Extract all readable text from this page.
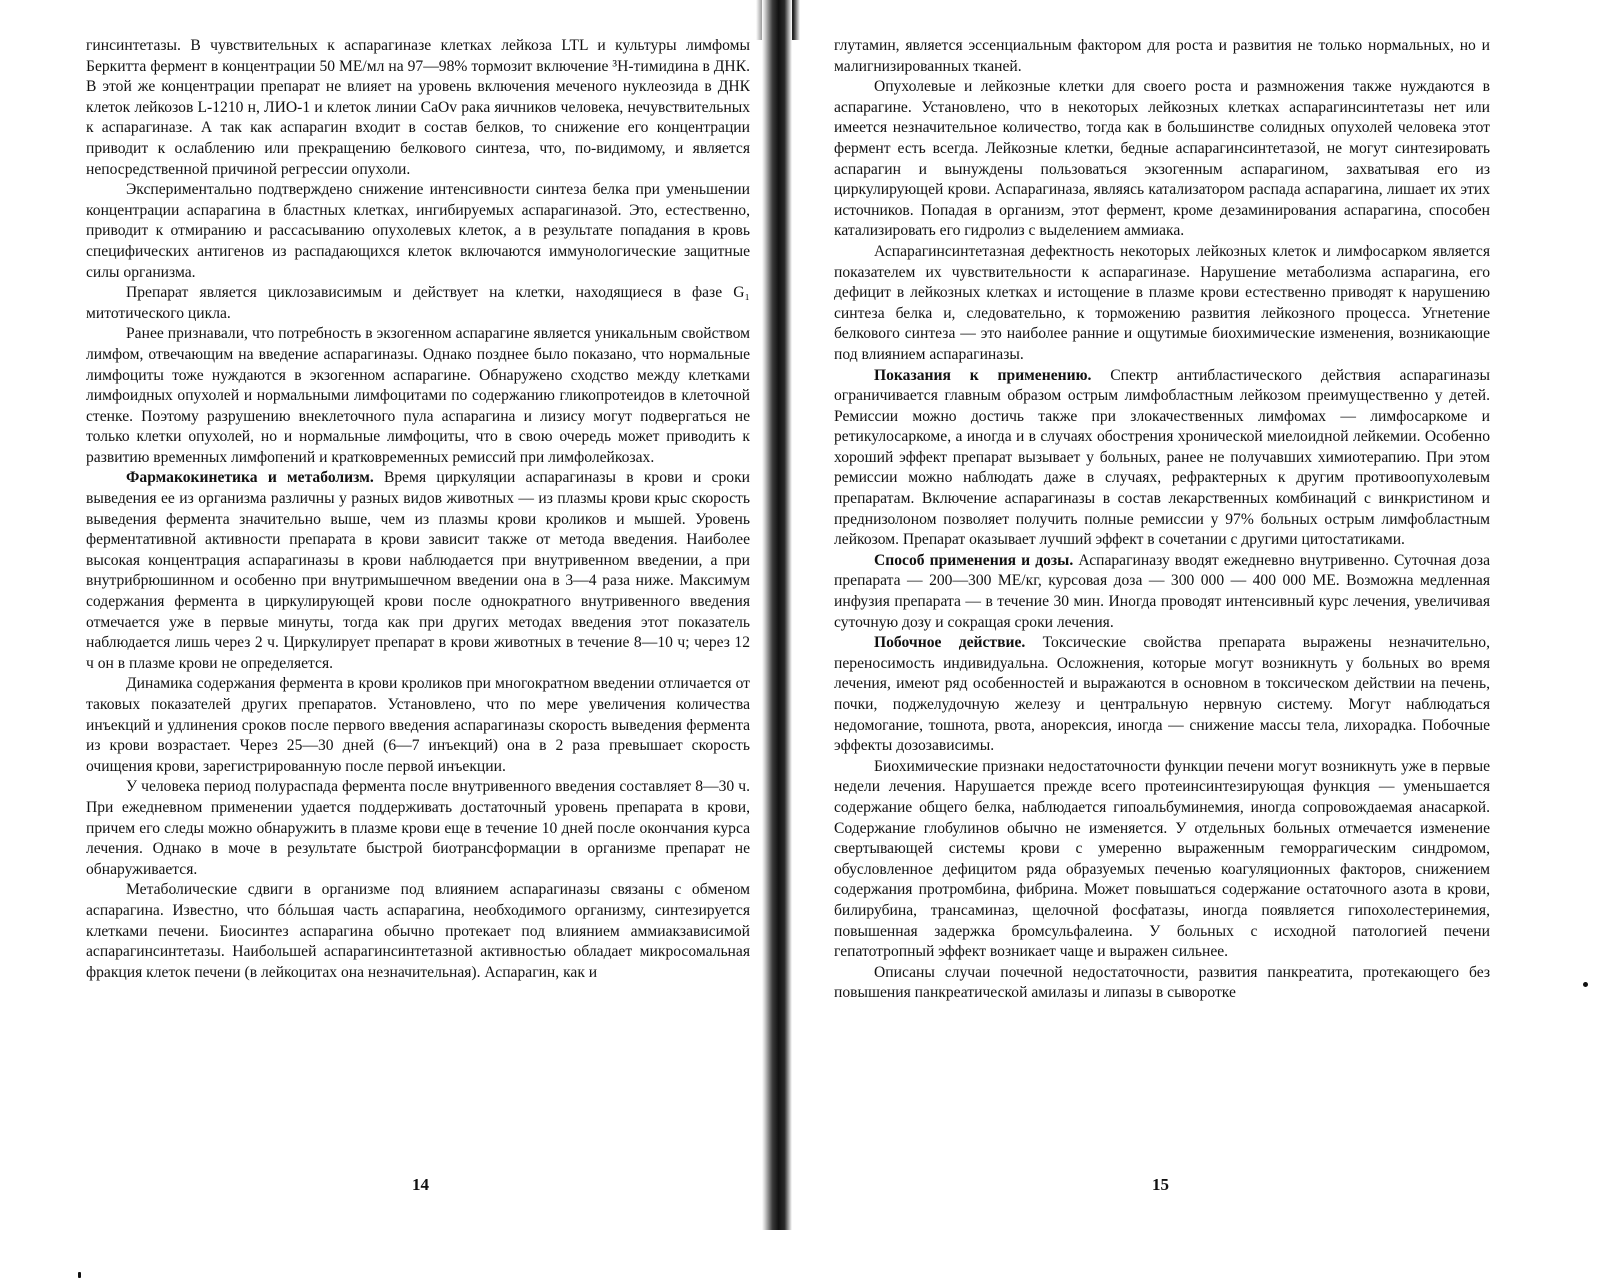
гинсинтетазы. В чувствительных к аспарагиназе клетках лейкоза LTL и культуры лимфомы Беркитта фермент в концентрации 50 МЕ/мл на 97—98% тормозит включение ³Н-тимидина в ДНК. В этой же концентрации препарат не влияет на уровень включения меченого нуклеозида в ДНК клеток лейкозов L-1210 н, ЛИО-1 и клеток линии CaOv рака яичников человека, нечувствительных к аспарагиназе. А так как аспарагин входит в состав белков, то снижение его концентрации приводит к ослаблению или прекращению белкового синтеза, что, по-видимому, и является непосредственной причиной регрессии опухоли.

Экспериментально подтверждено снижение интенсивности синтеза белка при уменьшении концентрации аспарагина в бластных клетках, ингибируемых аспарагиназой. Это, естественно, приводит к отмиранию и рассасыванию опухолевых клеток, а в результате попадания в кровь специфических антигенов из распадающихся клеток включаются иммунологические защитные силы организма.

Препарат является циклозависимым и действует на клетки, находящиеся в фазе G₁ митотического цикла.

Ранее признавали, что потребность в экзогенном аспарагине является уникальным свойством лимфом, отвечающим на введение аспарагиназы. Однако позднее было показано, что нормальные лимфоциты тоже нуждаются в экзогенном аспарагине. Обнаружено сходство между клетками лимфоидных опухолей и нормальными лимфоцитами по содержанию гликопротеидов в клеточной стенке. Поэтому разрушению внеклеточного пула аспарагина и лизису могут подвергаться не только клетки опухолей, но и нормальные лимфоциты, что в свою очередь может приводить к развитию временных лимфопений и кратковременных ремиссий при лимфолейкозах.

Фармакокинетика и метаболизм. Время циркуляции аспарагиназы в крови и сроки выведения ее из организма различны у разных видов животных — из плазмы крови крыс скорость выведения фермента значительно выше, чем из плазмы крови кроликов и мышей. Уровень ферментативной активности препарата в крови зависит также от метода введения. Наиболее высокая концентрация аспарагиназы в крови наблюдается при внутривенном введении, а при внутрибрюшинном и особенно при внутримышечном введении она в 3—4 раза ниже. Максимум содержания фермента в циркулирующей крови после однократного внутривенного введения отмечается уже в первые минуты, тогда как при других методах введения этот показатель наблюдается лишь через 2 ч. Циркулирует препарат в крови животных в течение 8—10 ч; через 12 ч он в плазме крови не определяется.

Динамика содержания фермента в крови кроликов при многократном введении отличается от таковых показателей других препаратов. Установлено, что по мере увеличения количества инъекций и удлинения сроков после первого введения аспарагиназы скорость выведения фермента из крови возрастает. Через 25—30 дней (6—7 инъекций) она в 2 раза превышает скорость очищения крови, зарегистрированную после первой инъекции.

У человека период полураспада фермента после внутривенного введения составляет 8—30 ч. При ежедневном применении удается поддерживать достаточный уровень препарата в крови, причем его следы можно обнаружить в плазме крови еще в течение 10 дней после окончания курса лечения. Однако в моче в результате быстрой биотрансформации в организме препарат не обнаруживается.

Метаболические сдвиги в организме под влиянием аспарагиназы связаны с обменом аспарагина. Известно, что бóльшая часть аспарагина, необходимого организму, синтезируется клетками печени. Биосинтез аспарагина обычно протекает под влиянием аммиакзависимой аспарагинсинтетазы. Наибольшей аспарагинсинтетазной активностью обладает микросомальная фракция клеток печени (в лейкоцитах она незначительная). Аспарагин, как и

14

глутамин, является эссенциальным фактором для роста и развития не только нормальных, но и малигнизированных тканей.

Опухолевые и лейкозные клетки для своего роста и размножения также нуждаются в аспарагине. Установлено, что в некоторых лейкозных клетках аспарагинсинтетазы нет или имеется незначительное количество, тогда как в большинстве солидных опухолей человека этот фермент есть всегда. Лейкозные клетки, бедные аспарагинсинтетазой, не могут синтезировать аспарагин и вынуждены пользоваться экзогенным аспарагином, захватывая его из циркулирующей крови. Аспарагиназа, являясь катализатором распада аспарагина, лишает их этих источников. Попадая в организм, этот фермент, кроме дезаминирования аспарагина, способен катализировать его гидролиз с выделением аммиака.

Аспарагинсинтетазная дефектность некоторых лейкозных клеток и лимфосарком является показателем их чувствительности к аспарагиназе. Нарушение метаболизма аспарагина, его дефицит в лейкозных клетках и истощение в плазме крови естественно приводят к нарушению синтеза белка и, следовательно, к торможению развития лейкозного процесса. Угнетение белкового синтеза — это наиболее ранние и ощутимые биохимические изменения, возникающие под влиянием аспарагиназы.

Показания к применению. Спектр антибластического действия аспарагиназы ограничивается главным образом острым лимфобластным лейкозом преимущественно у детей. Ремиссии можно достичь также при злокачественных лимфомах — лимфосаркоме и ретикулосаркоме, а иногда и в случаях обострения хронической миелоидной лейкемии. Особенно хороший эффект препарат вызывает у больных, ранее не получавших химиотерапию. При этом ремиссии можно наблюдать даже в случаях, рефрактерных к другим противоопухолевым препаратам. Включение аспарагиназы в состав лекарственных комбинаций с винкристином и преднизолоном позволяет получить полные ремиссии у 97% больных острым лимфобластным лейкозом. Препарат оказывает лучший эффект в сочетании с другими цитостатиками.

Способ применения и дозы. Аспарагиназу вводят ежедневно внутривенно. Суточная доза препарата — 200—300 МЕ/кг, курсовая доза — 300 000 — 400 000 МЕ. Возможна медленная инфузия препарата — в течение 30 мин. Иногда проводят интенсивный курс лечения, увеличивая суточную дозу и сокращая сроки лечения.

Побочное действие. Токсические свойства препарата выражены незначительно, переносимость индивидуальна. Осложнения, которые могут возникнуть у больных во время лечения, имеют ряд особенностей и выражаются в основном в токсическом действии на печень, почки, поджелудочную железу и центральную нервную систему. Могут наблюдаться недомогание, тошнота, рвота, анорексия, иногда — снижение массы тела, лихорадка. Побочные эффекты дозозависимы.

Биохимические признаки недостаточности функции печени могут возникнуть уже в первые недели лечения. Нарушается прежде всего протеинсинтезирующая функция — уменьшается содержание общего белка, наблюдается гипоальбуминемия, иногда сопровождаемая анасаркой. Содержание глобулинов обычно не изменяется. У отдельных больных отмечается изменение свертывающей системы крови с умеренно выраженным геморрагическим синдромом, обусловленное дефицитом ряда образуемых печенью коагуляционных факторов, снижением содержания протромбина, фибрина. Может повышаться содержание остаточного азота в крови, билирубина, трансаминаз, щелочной фосфатазы, иногда появляется гипохолестеринемия, повышенная задержка бромсульфалеина. У больных с исходной патологией печени гепатотропный эффект возникает чаще и выражен сильнее.

Описаны случаи почечной недостаточности, развития панкреатита, протекающего без повышения панкреатической амилазы и липазы в сыворотке

15
